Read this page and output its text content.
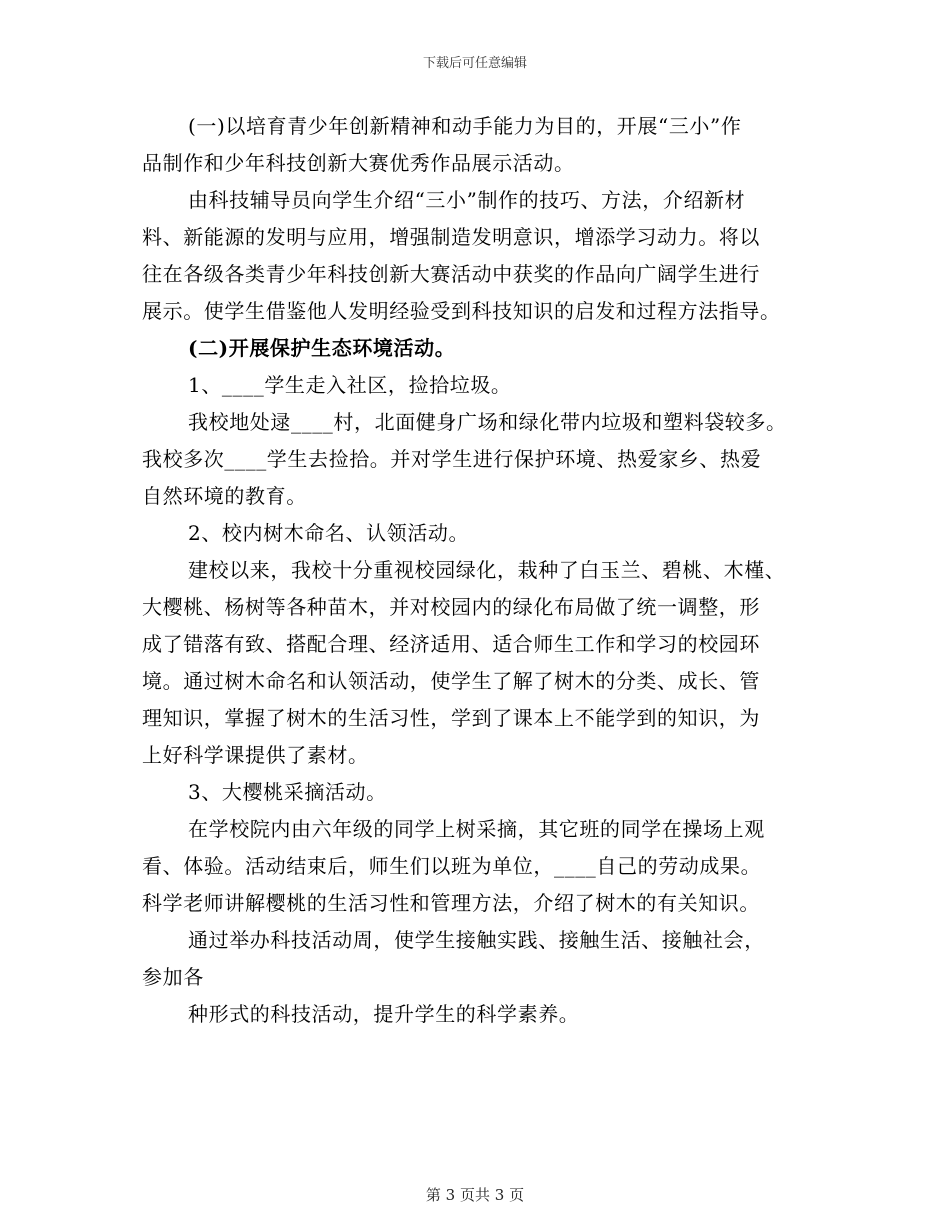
下载后可任意编辑
(一)以培育青少年创新精神和动手能力为目的，开展“三小”作
品制作和少年科技创新大赛优秀作品展示活动。
由科技辅导员向学生介绍“三小”制作的技巧、方法，介绍新材
料、新能源的发明与应用，增强制造发明意识，增添学习动力。将以
往在各级各类青少年科技创新大赛活动中获奖的作品向广阔学生进行
展示。使学生借鉴他人发明经验受到科技知识的启发和过程方法指导。
(二)开展保护生态环境活动。
1、____学生走入社区，捡拾垃圾。
我校地处逯____村，北面健身广场和绿化带内垃圾和塑料袋较多。
我校多次____学生去捡拾。并对学生进行保护环境、热爱家乡、热爱
自然环境的教育。
2、校内树木命名、认领活动。
建校以来，我校十分重视校园绿化，栽种了白玉兰、碧桃、木槿、
大樱桃、杨树等各种苗木，并对校园内的绿化布局做了统一调整，形
成了错落有致、搭配合理、经济适用、适合师生工作和学习的校园环
境。通过树木命名和认领活动，使学生了解了树木的分类、成长、管
理知识，掌握了树木的生活习性，学到了课本上不能学到的知识，为
上好科学课提供了素材。
3、大樱桃采摘活动。
在学校院内由六年级的同学上树采摘，其它班的同学在操场上观
看、体验。活动结束后，师生们以班为单位，____自己的劳动成果。
科学老师讲解樱桃的生活习性和管理方法，介绍了树木的有关知识。
通过举办科技活动周，使学生接触实践、接触生活、接触社会，
参加各
种形式的科技活动，提升学生的科学素养。
第 3 页共 3 页
